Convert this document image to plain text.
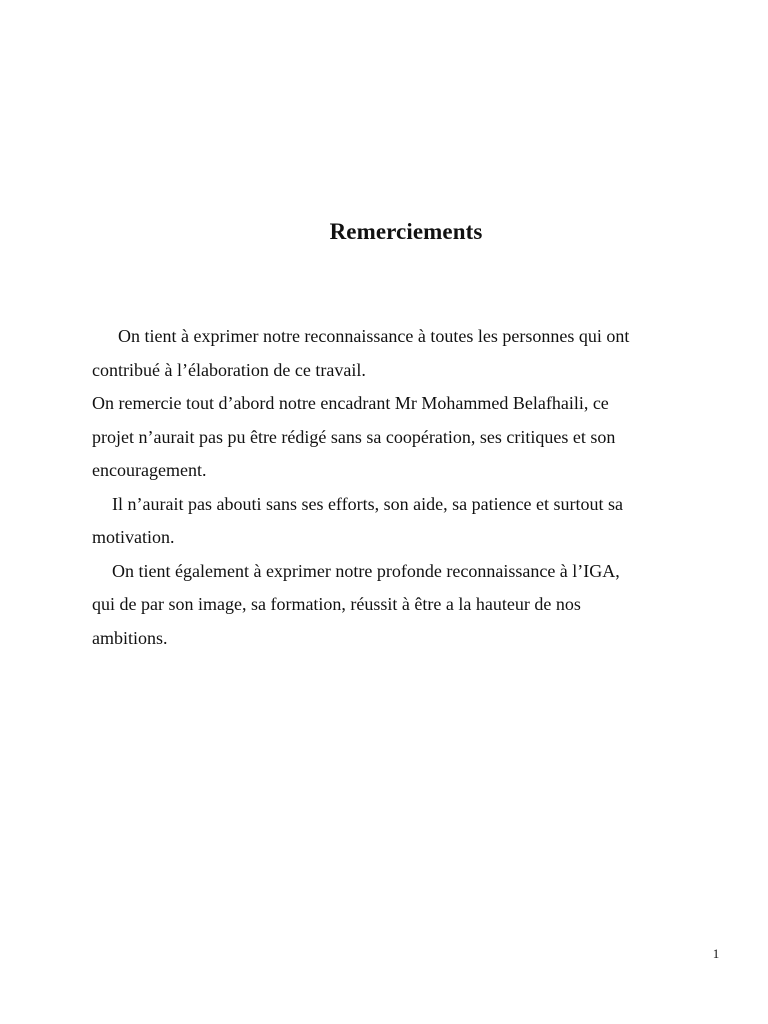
Remerciements

On tient à exprimer notre reconnaissance à toutes les personnes qui ont
contribué à l’élaboration de ce travail.

On remercie tout d’abord notre encadrant Mr Mohammed Belafhaili, ce
projet n’aurait pas pu être rédigé sans sa coopération, ses critiques et son
encouragement.

Il n’aurait pas abouti sans ses efforts, son aide, sa patience et surtout sa
motivation.

On tient également à exprimer notre profonde reconnaissance à l’IGA,
qui de par son image, sa formation, réussit à être a la hauteur de nos
ambitions.

1
